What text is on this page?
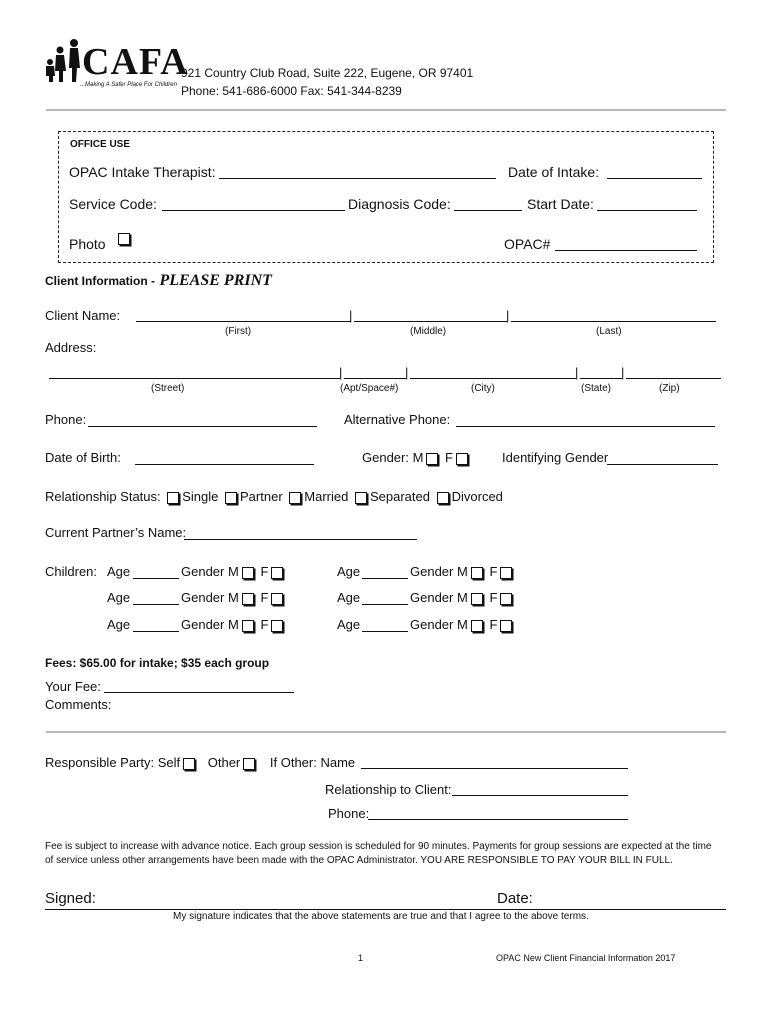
CAFA
...Making A Safer Place For Children
921 Country Club Road, Suite 222, Eugene, OR 97401
Phone: 541-686-6000 Fax: 541-344-8239
OFFICE USE
OPAC Intake Therapist:	Date of Intake:
Service Code:	Diagnosis Code:	Start Date:
Photo	OPAC#
Client Information - PLEASE PRINT
Client Name:	|	|
(First)	(Middle)	(Last)
Address:
|	|	|	|
(Street)	(Apt/Space#)	(City)	(State)	(Zip)
Phone:	Alternative Phone:
Date of Birth:	Gender: M F	Identifying Gender
Relationship Status: Single Partner Married Separated Divorced
Current Partner’s Name:
Children: Age	Gender M F	Age	Gender M F
Age	Gender M F	Age	Gender M F
Age	Gender M F	Age	Gender M F
Fees: $65.00 for intake; $35 each group
Your Fee:
Comments:
Responsible Party: Self Other If Other: Name
Relationship to Client:
Phone:
Fee is subject to increase with advance notice. Each group session is scheduled for 90 minutes. Payments for group sessions are expected at the time
of service unless other arrangements have been made with the OPAC Administrator. YOU ARE RESPONSIBLE TO PAY YOUR BILL IN FULL.
Signed:	Date:
My signature indicates that the above statements are true and that I agree to the above terms.
1	OPAC New Client Financial Information 2017
